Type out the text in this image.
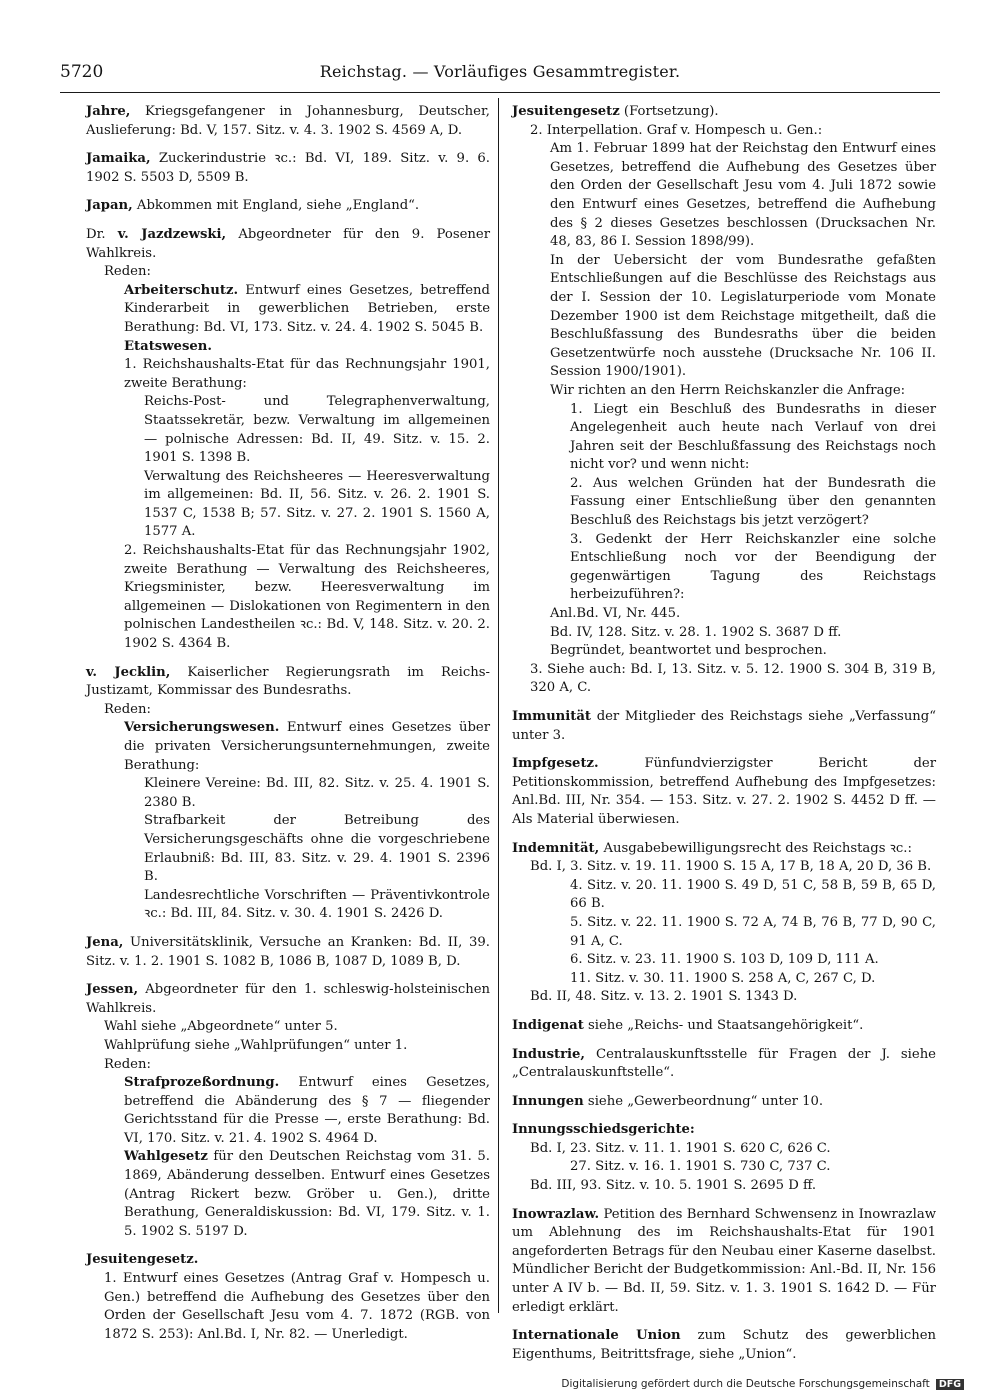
5720	Reichstag. — Vorläufiges Gesammtregister.

Jahre, Kriegsgefangener in Johannesburg, Deutscher, Auslieferung: Bd. V, 157. Sitz. v. 4. 3. 1902 S. 4569 A, D.

Jamaika, Zuckerindustrie ꝛc.: Bd. VI, 189. Sitz. v. 9. 6. 1902 S. 5503 D, 5509 B.

Japan, Abkommen mit England, siehe „England“.

Dr. v. Jazdzewski, Abgeordneter für den 9. Posener Wahlkreis.

Reden:

Arbeiterschutz. Entwurf eines Gesetzes, betreffend Kinderarbeit in gewerblichen Betrieben, erste Berathung: Bd. VI, 173. Sitz. v. 24. 4. 1902 S. 5045 B.

Etatswesen.

1. Reichshaushalts-Etat für das Rechnungsjahr 1901, zweite Berathung:

Reichs-Post- und Telegraphenverwaltung, Staatssekretär, bezw. Verwaltung im allgemeinen — polnische Adressen: Bd. II, 49. Sitz. v. 15. 2. 1901 S. 1398 B.

Verwaltung des Reichsheeres — Heeresverwaltung im allgemeinen: Bd. II, 56. Sitz. v. 26. 2. 1901 S. 1537 C, 1538 B; 57. Sitz. v. 27. 2. 1901 S. 1560 A, 1577 A.

2. Reichshaushalts-Etat für das Rechnungsjahr 1902, zweite Berathung — Verwaltung des Reichsheeres, Kriegsminister, bezw. Heeresverwaltung im allgemeinen — Dislokationen von Regimentern in den polnischen Landestheilen ꝛc.: Bd. V, 148. Sitz. v. 20. 2. 1902 S. 4364 B.

v. Jecklin, Kaiserlicher Regierungsrath im Reichs-Justizamt, Kommissar des Bundesraths.

Reden:

Versicherungswesen. Entwurf eines Gesetzes über die privaten Versicherungsunternehmungen, zweite Berathung:

Kleinere Vereine: Bd. III, 82. Sitz. v. 25. 4. 1901 S. 2380 B.

Strafbarkeit der Betreibung des Versicherungsgeschäfts ohne die vorgeschriebene Erlaubniß: Bd. III, 83. Sitz. v. 29. 4. 1901 S. 2396 B.

Landesrechtliche Vorschriften — Präventivkontrole ꝛc.: Bd. III, 84. Sitz. v. 30. 4. 1901 S. 2426 D.

Jena, Universitätsklinik, Versuche an Kranken: Bd. II, 39. Sitz. v. 1. 2. 1901 S. 1082 B, 1086 B, 1087 D, 1089 B, D.

Jessen, Abgeordneter für den 1. schleswig-holsteinischen Wahlkreis.

Wahl siehe „Abgeordnete“ unter 5.

Wahlprüfung siehe „Wahlprüfungen“ unter 1.

Reden:

Strafprozeßordnung. Entwurf eines Gesetzes, betreffend die Abänderung des § 7 — fliegender Gerichtsstand für die Presse —, erste Berathung: Bd. VI, 170. Sitz. v. 21. 4. 1902 S. 4964 D.

Wahlgesetz für den Deutschen Reichstag vom 31. 5. 1869, Abänderung desselben. Entwurf eines Gesetzes (Antrag Rickert bezw. Gröber u. Gen.), dritte Berathung, Generaldiskussion: Bd. VI, 179. Sitz. v. 1. 5. 1902 S. 5197 D.

Jesuitengesetz.

1. Entwurf eines Gesetzes (Antrag Graf v. Hompesch u. Gen.) betreffend die Aufhebung des Gesetzes über den Orden der Gesellschaft Jesu vom 4. 7. 1872 (RGB. von 1872 S. 253): Anl.Bd. I, Nr. 82. — Unerledigt.

Jesuitengesetz (Fortsetzung).

2. Interpellation. Graf v. Hompesch u. Gen.:

Am 1. Februar 1899 hat der Reichstag den Entwurf eines Gesetzes, betreffend die Aufhebung des Gesetzes über den Orden der Gesellschaft Jesu vom 4. Juli 1872 sowie den Entwurf eines Gesetzes, betreffend die Aufhebung des § 2 dieses Gesetzes beschlossen (Drucksachen Nr. 48, 83, 86 I. Session 1898/99).

In der Uebersicht der vom Bundesrathe gefaßten Entschließungen auf die Beschlüsse des Reichstags aus der I. Session der 10. Legislaturperiode vom Monate Dezember 1900 ist dem Reichstage mitgetheilt, daß die Beschlußfassung des Bundesraths über die beiden Gesetzentwürfe noch ausstehe (Drucksache Nr. 106 II. Session 1900/1901).

Wir richten an den Herrn Reichskanzler die Anfrage:

1. Liegt ein Beschluß des Bundesraths in dieser Angelegenheit auch heute nach Verlauf von drei Jahren seit der Beschlußfassung des Reichstags noch nicht vor? und wenn nicht:

2. Aus welchen Gründen hat der Bundesrath die Fassung einer Entschließung über den genannten Beschluß des Reichstags bis jetzt verzögert?

3. Gedenkt der Herr Reichskanzler eine solche Entschließung noch vor der Beendigung der gegenwärtigen Tagung des Reichstags herbeizuführen?:

Anl.Bd. VI, Nr. 445.

Bd. IV, 128. Sitz. v. 28. 1. 1902 S. 3687 D ff.

Begründet, beantwortet und besprochen.

3. Siehe auch: Bd. I, 13. Sitz. v. 5. 12. 1900 S. 304 B, 319 B, 320 A, C.

Immunität der Mitglieder des Reichstags siehe „Verfassung“ unter 3.

Impfgesetz. Fünfundvierzigster Bericht der Petitionskommission, betreffend Aufhebung des Impfgesetzes: Anl.Bd. III, Nr. 354. — 153. Sitz. v. 27. 2. 1902 S. 4452 D ff. — Als Material überwiesen.

Indemnität, Ausgabebewilligungsrecht des Reichstags ꝛc.:

Bd. I, 3. Sitz. v. 19. 11. 1900 S. 15 A, 17 B, 18 A, 20 D, 36 B.

4. Sitz. v. 20. 11. 1900 S. 49 D, 51 C, 58 B, 59 B, 65 D, 66 B.

5. Sitz. v. 22. 11. 1900 S. 72 A, 74 B, 76 B, 77 D, 90 C, 91 A, C.

6. Sitz. v. 23. 11. 1900 S. 103 D, 109 D, 111 A.

11. Sitz. v. 30. 11. 1900 S. 258 A, C, 267 C, D.

Bd. II, 48. Sitz. v. 13. 2. 1901 S. 1343 D.

Indigenat siehe „Reichs- und Staatsangehörigkeit“.

Industrie, Centralauskunftsstelle für Fragen der J. siehe „Centralauskunftstelle“.

Innungen siehe „Gewerbeordnung“ unter 10.

Innungsschiedsgerichte:

Bd. I, 23. Sitz. v. 11. 1. 1901 S. 620 C, 626 C.

27. Sitz. v. 16. 1. 1901 S. 730 C, 737 C.

Bd. III, 93. Sitz. v. 10. 5. 1901 S. 2695 D ff.

Inowrazlaw. Petition des Bernhard Schwensenz in Inowrazlaw um Ablehnung des im Reichshaushalts-Etat für 1901 angeforderten Betrags für den Neubau einer Kaserne daselbst. Mündlicher Bericht der Budgetkommission: Anl.-Bd. II, Nr. 156 unter A IV b. — Bd. II, 59. Sitz. v. 1. 3. 1901 S. 1642 D. — Für erledigt erklärt.

Internationale Union zum Schutz des gewerblichen Eigenthums, Beitrittsfrage, siehe „Union“.

Digitalisierung gefördert durch die Deutsche Forschungsgemeinschaft DFG
